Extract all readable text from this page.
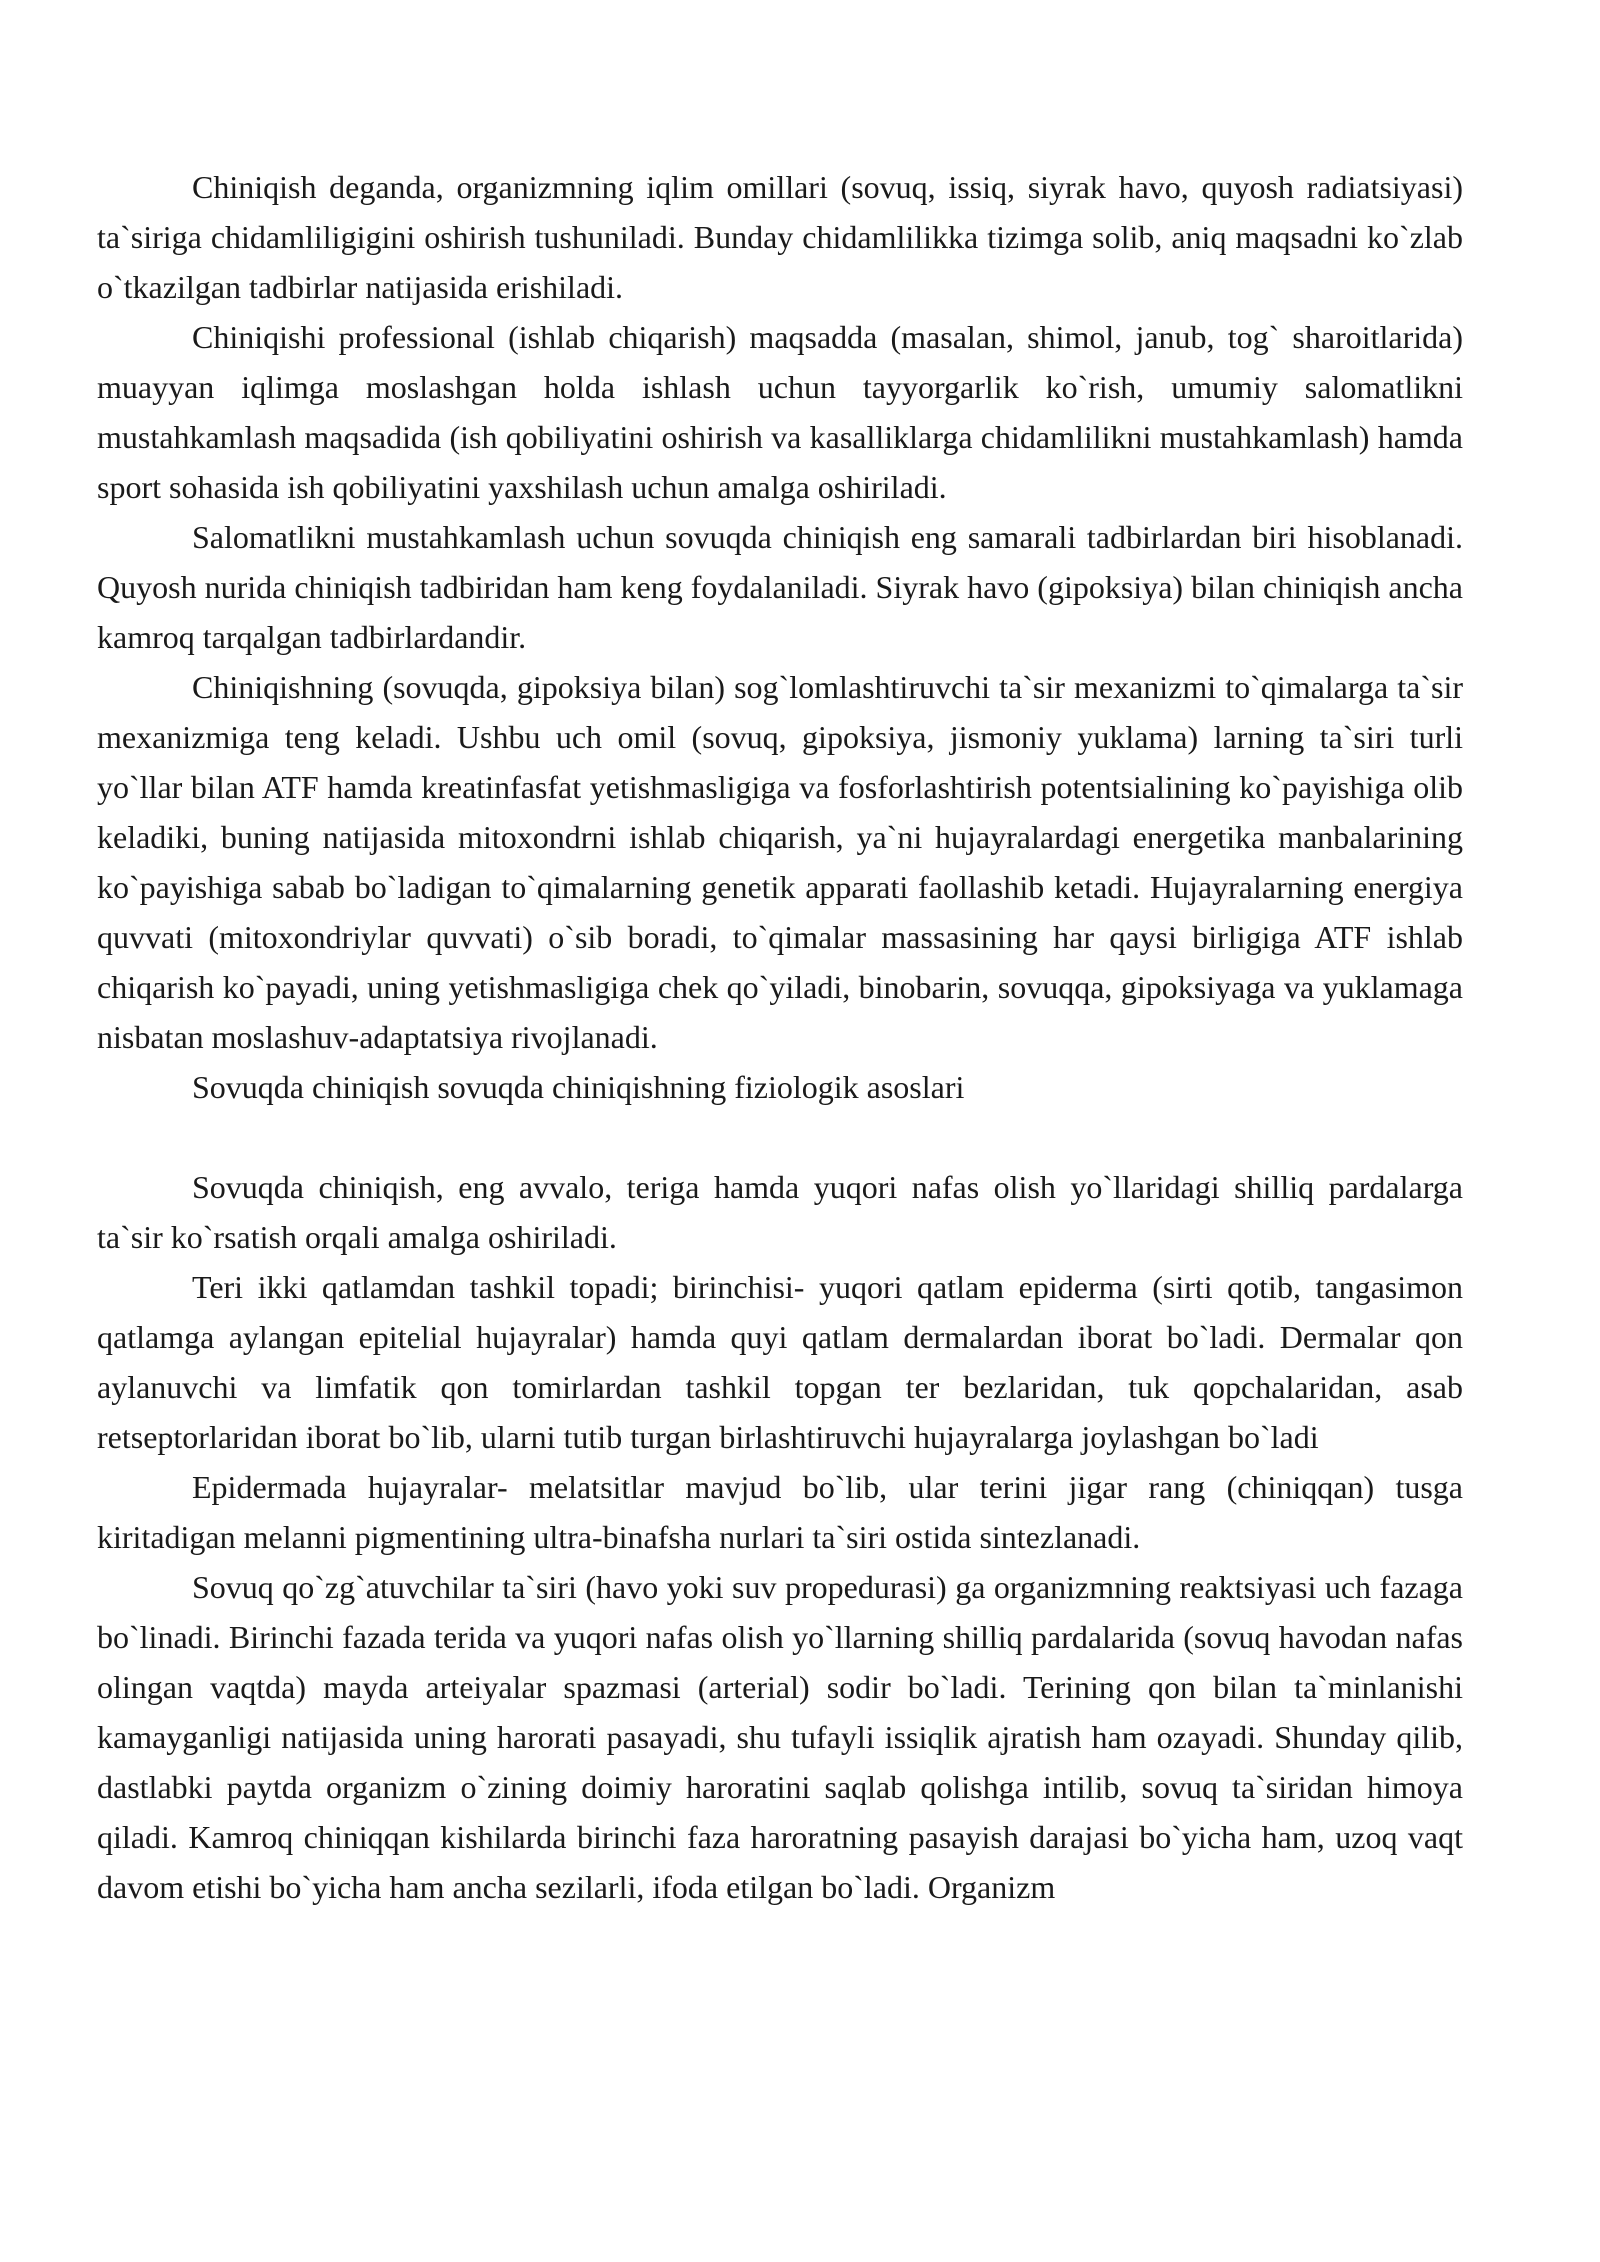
Chiniqish deganda, organizmning iqlim omillari (sovuq, issiq, siyrak havo, quyosh radiatsiyasi) ta`siriga chidamliligigini oshirish tushuniladi. Bunday chidamlilikka tizimga solib, aniq maqsadni ko`zlab o`tkazilgan tadbirlar natijasida erishiladi.

Chiniqishi professional (ishlab chiqarish) maqsadda (masalan, shimol, janub, tog` sharoitlarida) muayyan iqlimga moslashgan holda ishlash uchun tayyorgarlik ko`rish, umumiy salomatlikni mustahkamlash maqsadida (ish qobiliyatini oshirish va kasalliklarga chidamlilikni mustahkamlash) hamda sport sohasida ish qobiliyatini yaxshilash uchun amalga oshiriladi.

Salomatlikni mustahkamlash uchun sovuqda chiniqish eng samarali tadbirlardan biri hisoblanadi. Quyosh nurida chiniqish tadbiridan ham keng foydalaniladi. Siyrak havo (gipoksiya) bilan chiniqish ancha kamroq tarqalgan tadbirlardandir.

Chiniqishning (sovuqda, gipoksiya bilan) sog`lomlashtiruvchi ta`sir mexanizmi to`qimalarga ta`sir mexanizmiga teng keladi. Ushbu uch omil (sovuq, gipoksiya, jismoniy yuklama) larning ta`siri turli yo`llar bilan ATF hamda kreatinfasfat yetishmasligiga va fosforlashtirish potentsialining ko`payishiga olib keladiki, buning natijasida mitoxondrni ishlab chiqarish, ya`ni hujayralardagi energetika manbalarining ko`payishiga sabab bo`ladigan to`qimalarning genetik apparati faollashib ketadi. Hujayralarning energiya quvvati (mitoxondriylar quvvati) o`sib boradi, to`qimalar massasining har qaysi birligiga ATF ishlab chiqarish ko`payadi, uning yetishmasligiga chek qo`yiladi, binobarin, sovuqqa, gipoksiyaga va yuklamaga nisbatan moslashuv-adaptatsiya rivojlanadi.

Sovuqda chiniqish sovuqda chiniqishning fiziologik asoslari

Sovuqda chiniqish, eng avvalo, teriga hamda yuqori nafas olish yo`llaridagi shilliq pardalarga ta`sir ko`rsatish orqali amalga oshiriladi.

Teri ikki qatlamdan tashkil topadi; birinchisi- yuqori qatlam epiderma (sirti qotib, tangasimon qatlamga aylangan epitelial hujayralar) hamda quyi qatlam dermalardan iborat bo`ladi. Dermalar qon aylanuvchi va limfatik qon tomirlardan tashkil topgan ter bezlaridan, tuk qopchalaridan, asab retseptorlaridan iborat bo`lib, ularni tutib turgan birlashtiruvchi hujayralarga joylashgan bo`ladi

Epidermada hujayralar- melatsitlar mavjud bo`lib, ular terini jigar rang (chiniqqan) tusga kiritadigan melanni pigmentining ultra-binafsha nurlari ta`siri ostida sintezlanadi.

Sovuq qo`zg`atuvchilar ta`siri (havo yoki suv propedurasi) ga organizmning reaktsiyasi uch fazaga bo`linadi. Birinchi fazada terida va yuqori nafas olish yo`llarning shilliq pardalarida (sovuq havodan nafas olingan vaqtda) mayda arteiyalar spazmasi (arterial) sodir bo`ladi. Terining qon bilan ta`minlanishi kamayganligi natijasida uning harorati pasayadi, shu tufayli issiqlik ajratish ham ozayadi. Shunday qilib, dastlabki paytda organizm o`zining doimiy haroratini saqlab qolishga intilib, sovuq ta`siridan himoya qiladi. Kamroq chiniqqan kishilarda birinchi faza haroratning pasayish darajasi bo`yicha ham, uzoq vaqt davom etishi bo`yicha ham ancha sezilarli, ifoda etilgan bo`ladi. Organizm
